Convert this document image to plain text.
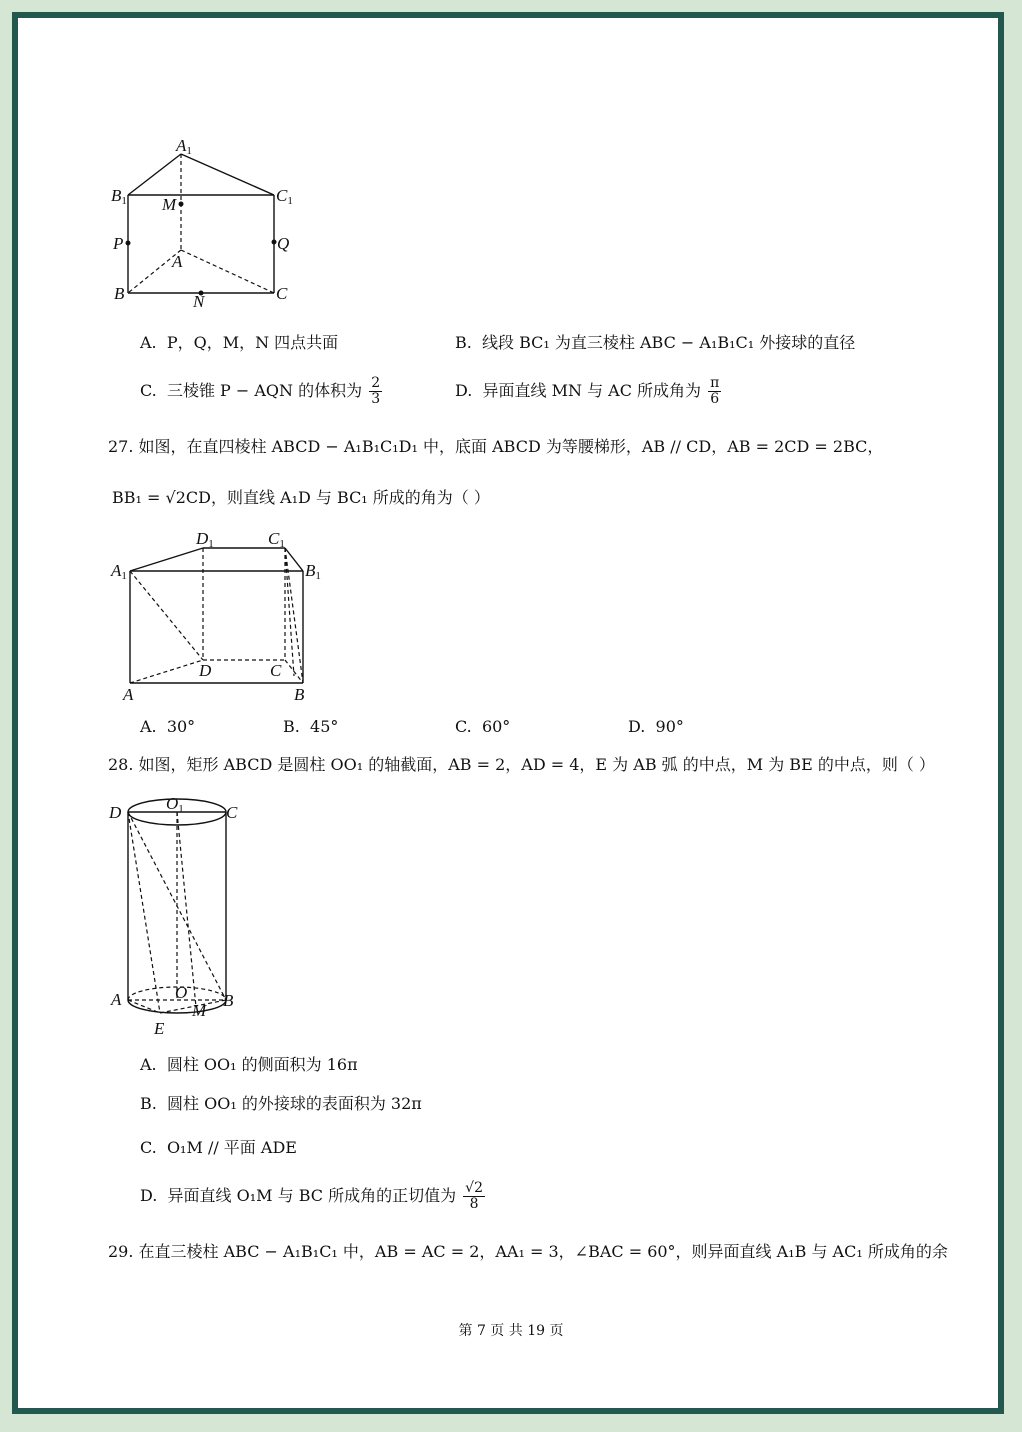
A1
B1	C1
M
P	Q
A
B	C
N
A. P，Q，M，N 四点共面	B. 线段 BC₁ 为直三棱柱 ABC − A₁B₁C₁ 外接球的直径
C. 三棱锥 P − AQN 的体积为 $\frac{2}{3}$	D. 异面直线 MN 与 AC 所成角为 $\frac{\pi}{6}$
27. 如图，在直四棱柱 ABCD − A₁B₁C₁D₁ 中，底面 ABCD 为等腰梯形，AB // CD，AB = 2CD = 2BC，
BB₁ = √2CD，则直线 A₁D 与 BC₁ 所成的角为（ ）
A1
D1	C1
B1
A
D	C
B
A. 30°	B. 45°	C. 60°	D. 90°
28. 如图，矩形 ABCD 是圆柱 OO₁ 的轴截面，AB = 2，AD = 4，E 为 AB 弧 的中点，M 为 BE 的中点，则（ ）
D	O1 C
A	O B
M
E
A. 圆柱 OO₁ 的侧面积为 16π
B. 圆柱 OO₁ 的外接球的表面积为 32π
C. O₁M // 平面 ADE
D. 异面直线 O₁M 与 BC 所成角的正切值为 $\frac{√2}{8}$
29. 在直三棱柱 ABC − A₁B₁C₁ 中，AB = AC = 2，AA₁ = 3，∠BAC = 60°，则异面直线 A₁B 与 AC₁ 所成角的余
第 7 页 共 19 页
